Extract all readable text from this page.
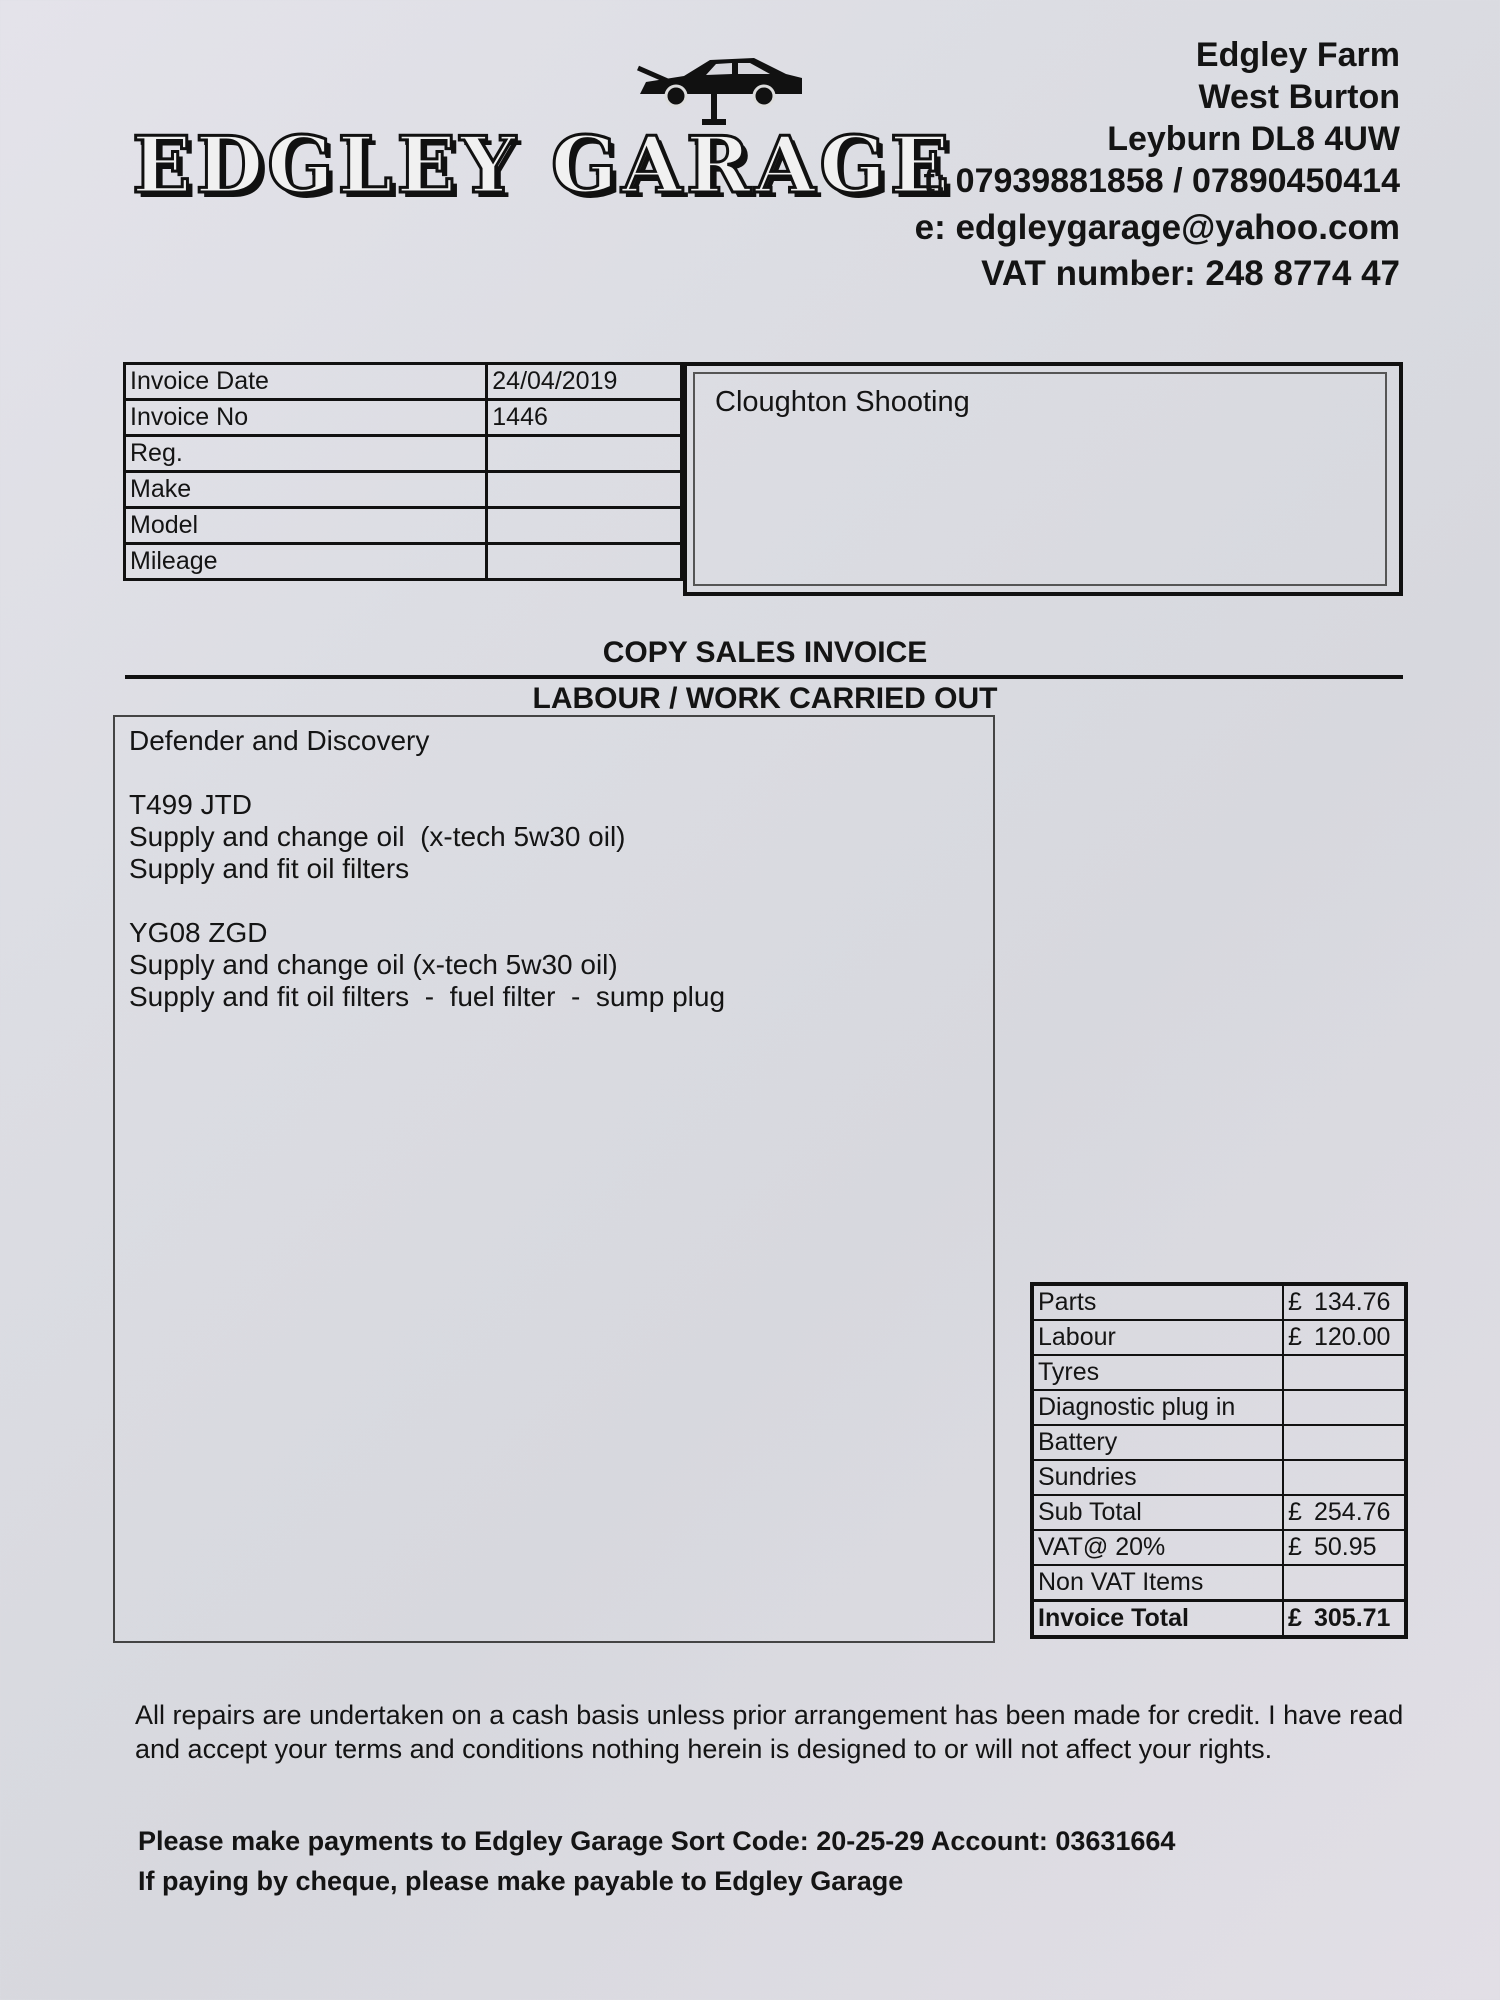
EDGLEY GARAGE
Edgley Farm
West Burton
Leyburn DL8 4UW
t: 07939881858 / 07890450414
e: edgleygarage@yahoo.com
VAT number: 248 8774 47
Invoice Date	24/04/2019
Invoice No	1446
Reg.	
Make	
Model	
Mileage	
Cloughton Shooting
COPY SALES INVOICE
LABOUR / WORK CARRIED OUT
Defender and Discovery
T499 JTD
Supply and change oil  (x-tech 5w30 oil)
Supply and fit oil filters
YG08 ZGD
Supply and change oil (x-tech 5w30 oil)
Supply and fit oil filters  -  fuel filter  -  sump plug
Parts	£ 134.76
Labour	£ 120.00
Tyres	
Diagnostic plug in	
Battery	
Sundries	
Sub Total	£ 254.76
VAT@ 20%	£ 50.95
Non VAT Items	
Invoice Total	£ 305.71
All repairs are undertaken on a cash basis unless prior arrangement has been made for credit. I have read and accept your terms and conditions nothing herein is designed to or will not affect your rights.
Please make payments to Edgley Garage Sort Code: 20-25-29 Account: 03631664
If paying by cheque, please make payable to Edgley Garage
